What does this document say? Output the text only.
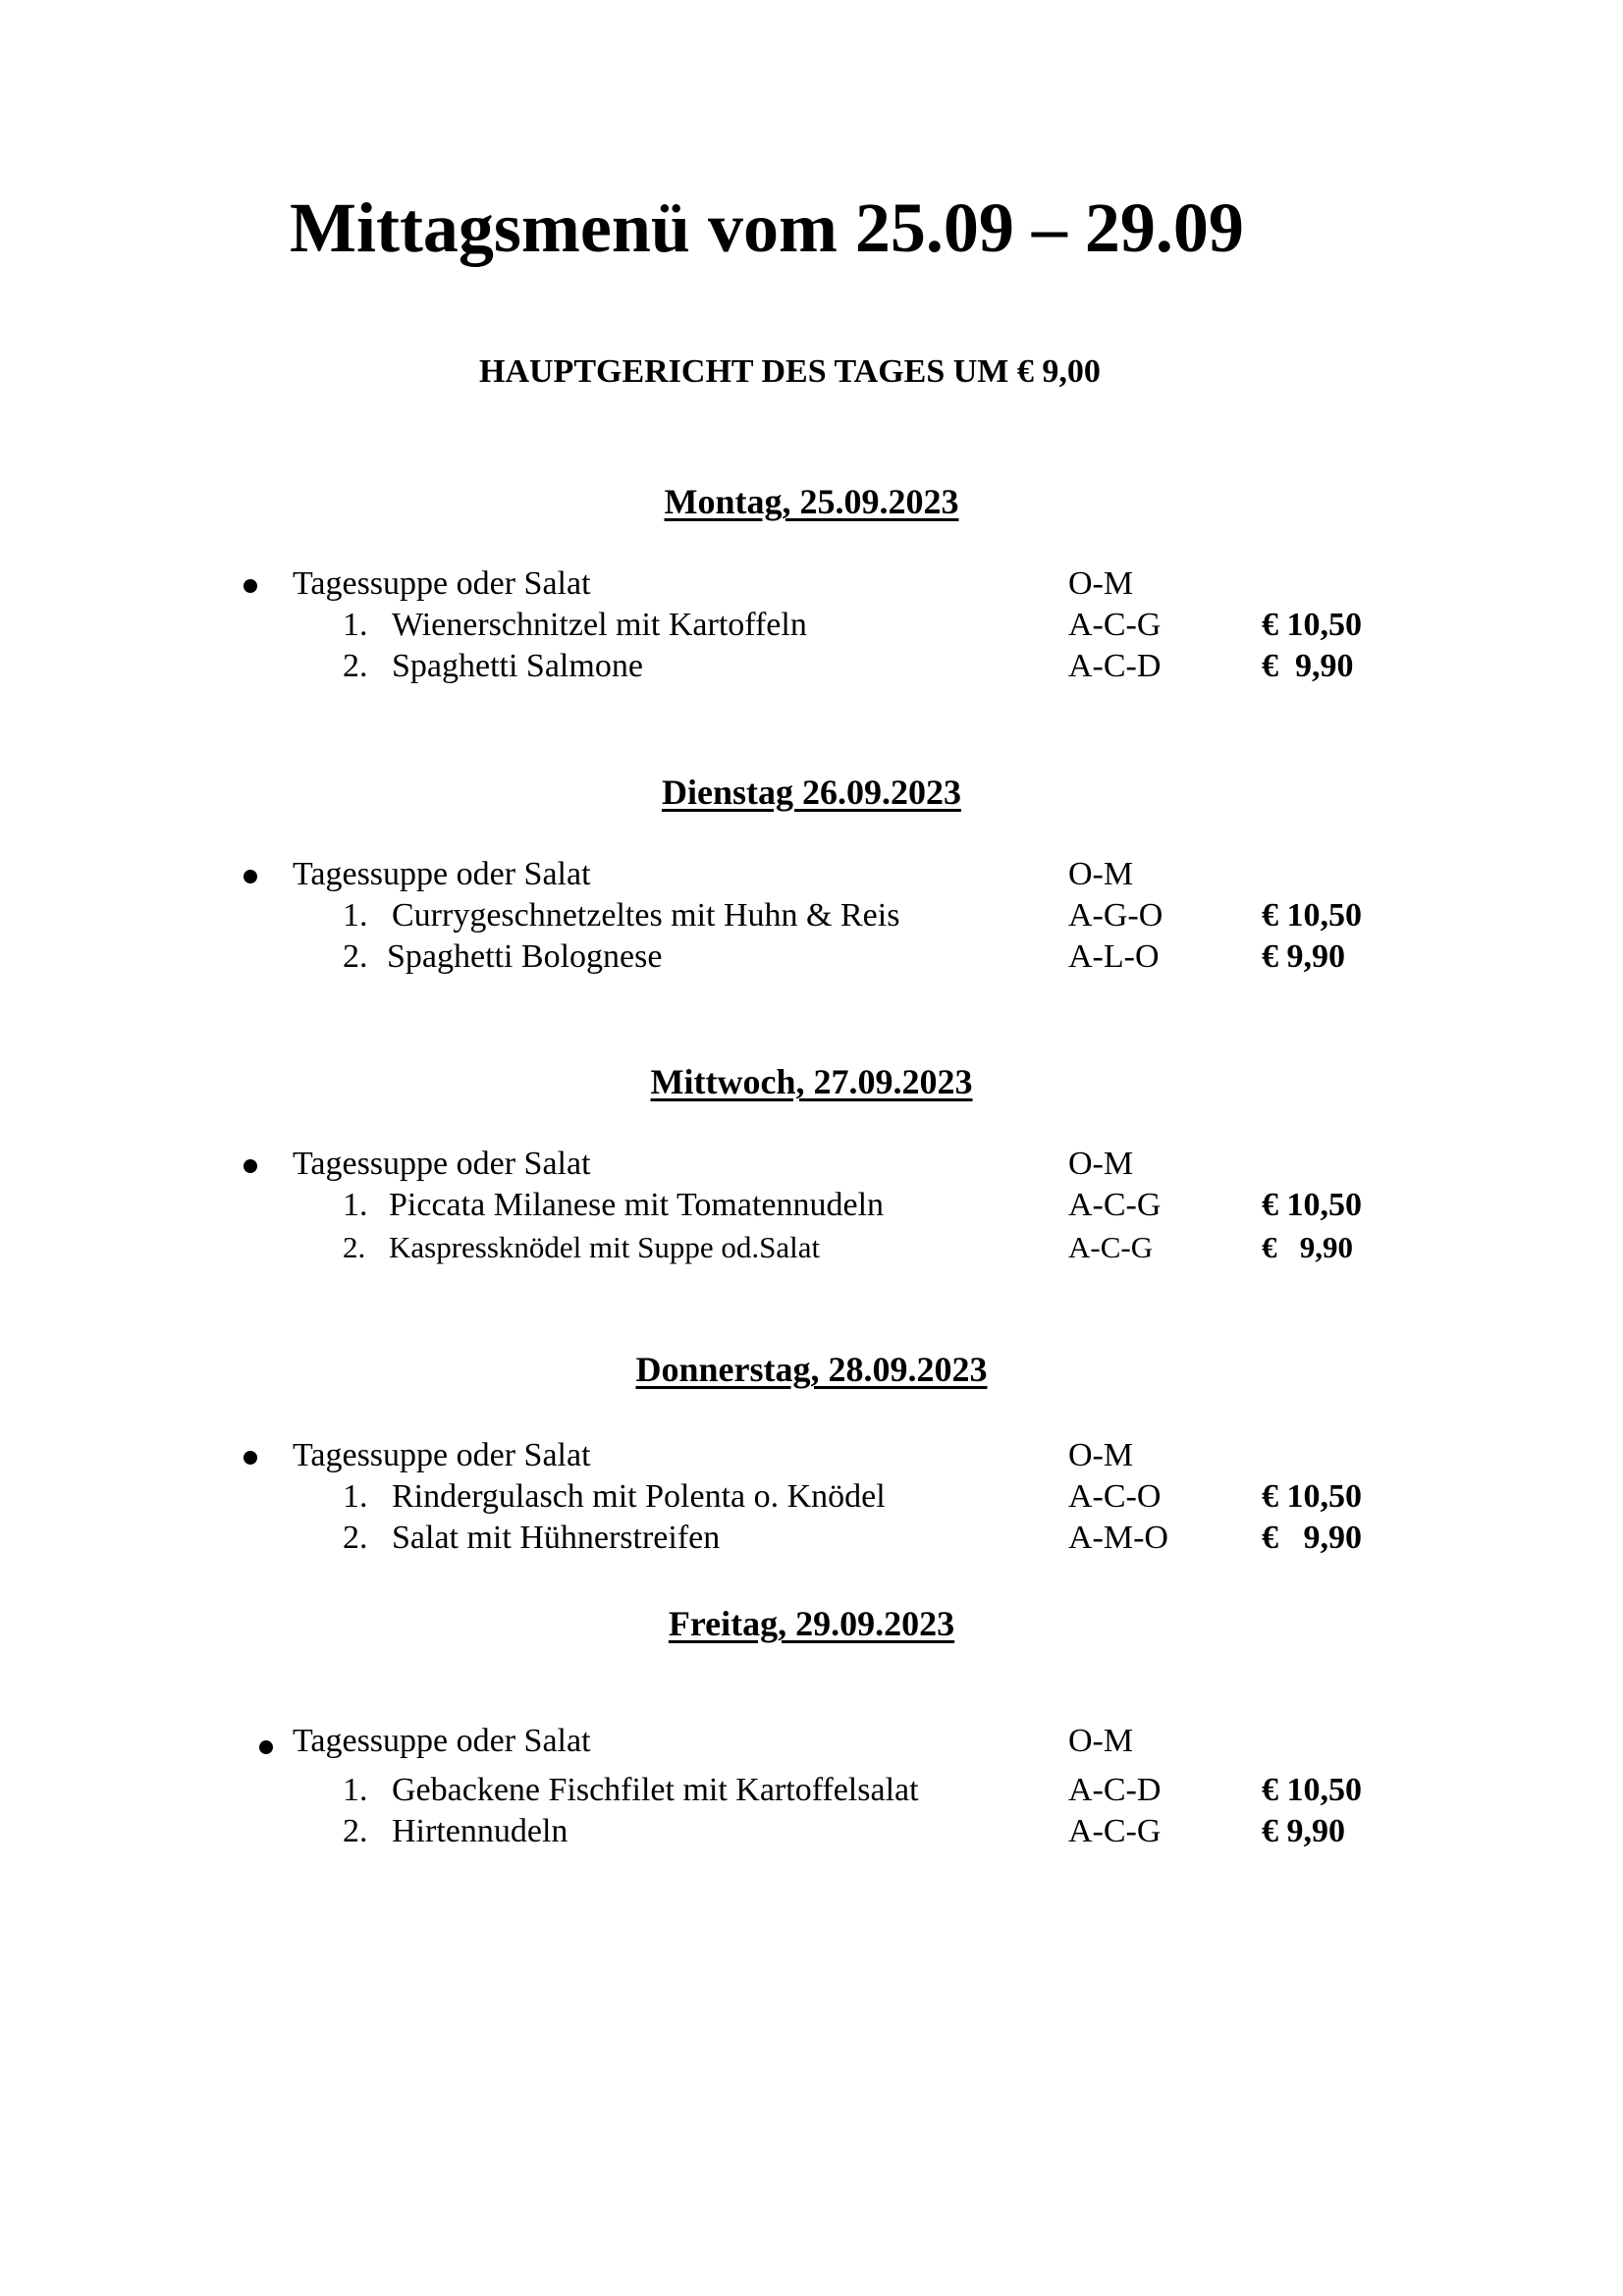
Mittagsmenü vom 25.09 – 29.09
HAUPTGERICHT DES TAGES UM € 9,00
Montag, 25.09.2023
Tagessuppe oder Salat	O-M
1. Wienerschnitzel mit Kartoffeln	A-C-G	€ 10,50
2. Spaghetti Salmone	A-C-D	€  9,90
Dienstag 26.09.2023
Tagessuppe oder Salat	O-M
1. Currygeschnetzeltes mit Huhn & Reis	A-G-O	€ 10,50
2. Spaghetti Bolognese	A-L-O	€ 9,90
Mittwoch, 27.09.2023
Tagessuppe oder Salat	O-M
1. Piccata Milanese mit Tomatennudeln	A-C-G	€ 10,50
2. Kaspressknödel mit Suppe od.Salat	A-C-G	€   9,90
Donnerstag, 28.09.2023
Tagessuppe oder Salat	O-M
1. Rindergulasch mit Polenta o. Knödel	A-C-O	€ 10,50
2. Salat mit Hühnerstreifen	A-M-O	€   9,90
Freitag, 29.09.2023
Tagessuppe oder Salat	O-M
1. Gebackene Fischfilet mit Kartoffelsalat	A-C-D	€ 10,50
2. Hirtennudeln	A-C-G	€ 9,90
